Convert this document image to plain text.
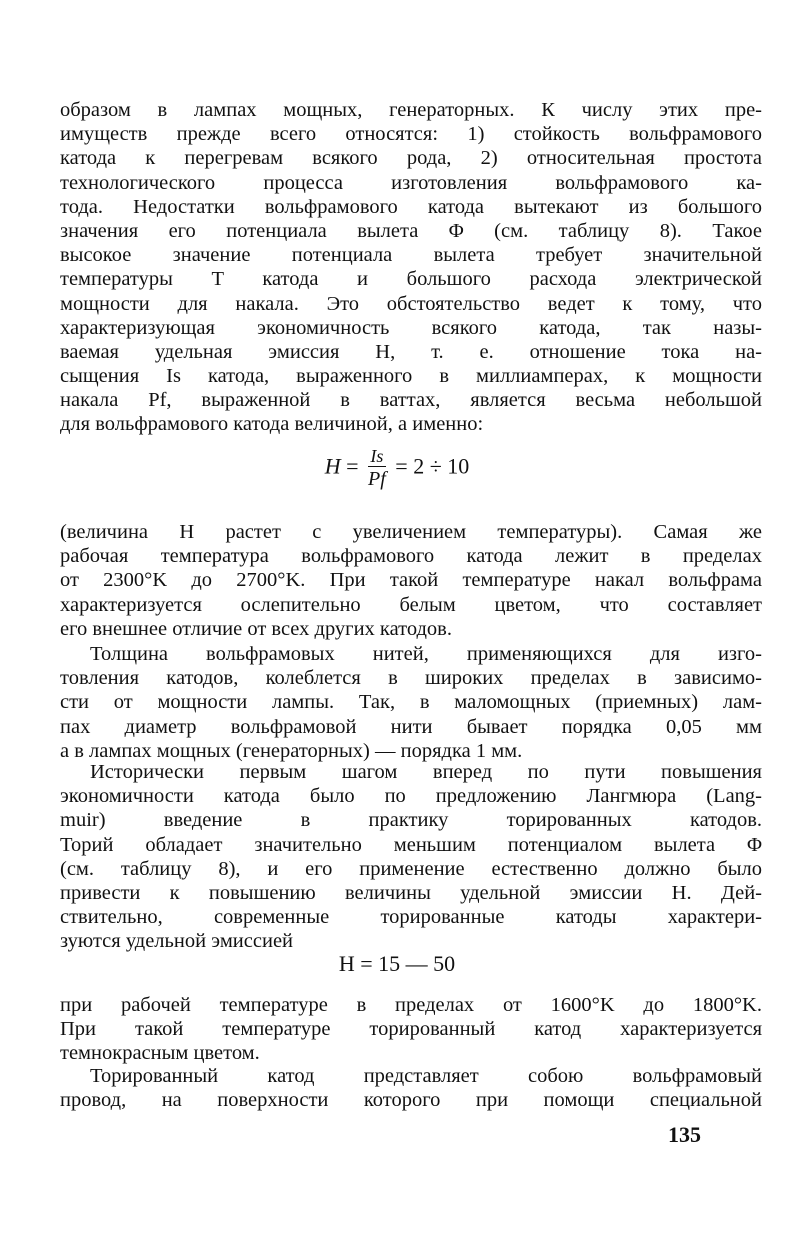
образом в лампах мощных, генераторных. К числу этих пре-
имуществ прежде всего относятся: 1) стойкость вольфрамового
катода к перегревам всякого рода, 2) относительная простота
технологического процесса изготовления вольфрамового ка-
тода. Недостатки вольфрамового катода вытекают из большого
значения его потенциала вылета Φ (см. таблицу 8). Такое
высокое значение потенциала вылета требует значительной
температуры T катода и большого расхода электрической
мощности для накала. Это обстоятельство ведет к тому, что
характеризующая экономичность всякого катода, так назы-
ваемая удельная эмиссия H, т. е. отношение тока на-
сыщения Is катода, выраженного в миллиамперах, к мощности
накала Pf, выраженной в ваттах, является весьма небольшой
для вольфрамового катода величиной, а именно:
$H = \frac{Is}{Pf} = 2 \div 10$
(величина H растет с увеличением температуры). Самая же
рабочая температура вольфрамового катода лежит в пределах
от 2300°K до 2700°K. При такой температуре накал вольфрама
характеризуется ослепительно белым цветом, что составляет
его внешнее отличие от всех других катодов.
Толщина вольфрамовых нитей, применяющихся для изго-
товления катодов, колеблется в широких пределах в зависимо-
сти от мощности лампы. Так, в маломощных (приемных) лам-
пах диаметр вольфрамовой нити бывает порядка 0,05 мм
а в лампах мощных (генераторных) — порядка 1 мм.
Исторически первым шагом вперед по пути повышения
экономичности катода было по предложению Лангмюра (Lang-
muir) введение в практику торированных катодов.
Торий обладает значительно меньшим потенциалом вылета Φ
(см. таблицу 8), и его применение естественно должно было
привести к повышению величины удельной эмиссии H. Дей-
ствительно, современные торированные катоды характери-
зуются удельной эмиссией
H = 15 — 50
при рабочей температуре в пределах от 1600°K до 1800°K.
При такой температуре торированный катод характеризуется
темнокрасным цветом.
Торированный катод представляет собою вольфрамовый
провод, на поверхности которого при помощи специальной
135
